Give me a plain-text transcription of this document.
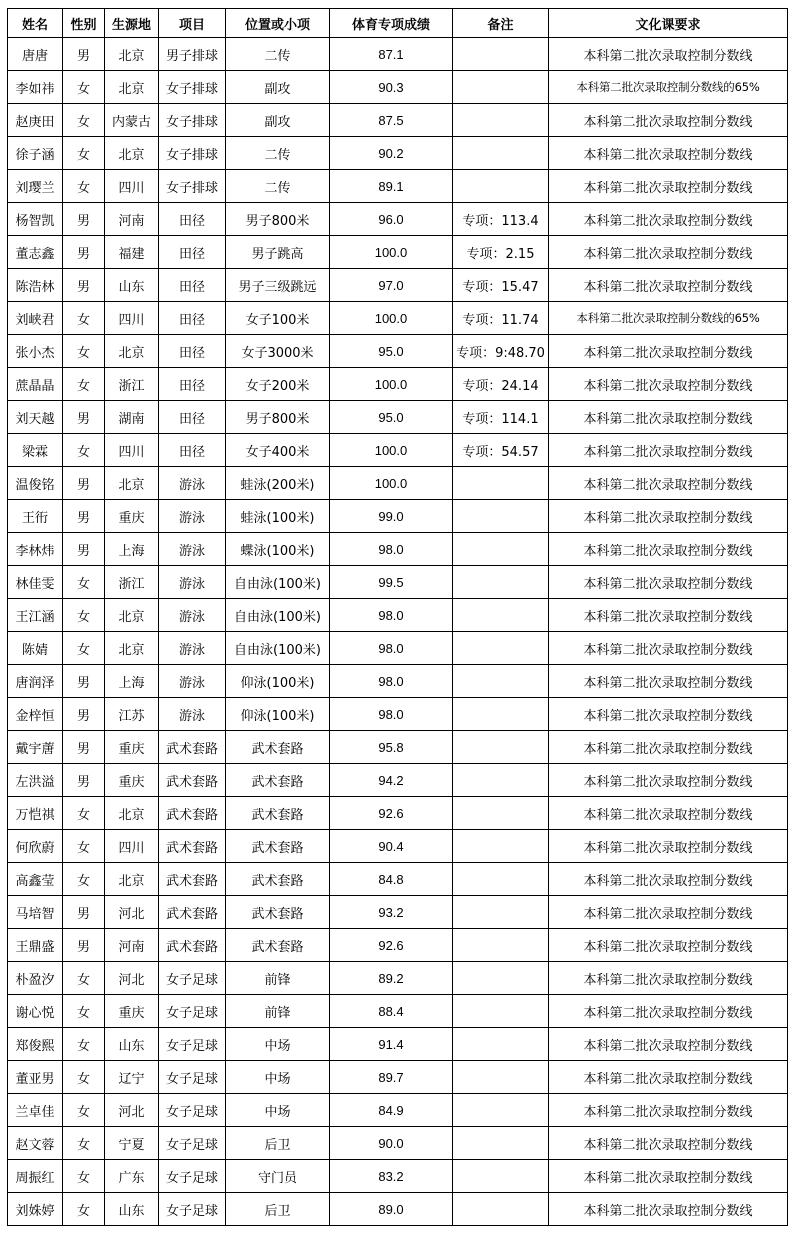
姓名	性别	生源地	项目	位置或小项	体育专项成绩	备注	文化课要求
唐唐	男	北京	男子排球	二传	87.1		本科第二批次录取控制分数线
李如祎	女	北京	女子排球	副攻	90.3		本科第二批次录取控制分数线的65%
赵庚田	女	内蒙古	女子排球	副攻	87.5		本科第二批次录取控制分数线
徐子涵	女	北京	女子排球	二传	90.2		本科第二批次录取控制分数线
刘璎兰	女	四川	女子排球	二传	89.1		本科第二批次录取控制分数线
杨智凯	男	河南	田径	男子800米	96.0	专项：113.4	本科第二批次录取控制分数线
董志鑫	男	福建	田径	男子跳高	100.0	专项：2.15	本科第二批次录取控制分数线
陈浩林	男	山东	田径	男子三级跳远	97.0	专项：15.47	本科第二批次录取控制分数线
刘峡君	女	四川	田径	女子100米	100.0	专项：11.74	本科第二批次录取控制分数线的65%
张小杰	女	北京	田径	女子3000米	95.0	专项：9:48.70	本科第二批次录取控制分数线
蔗晶晶	女	浙江	田径	女子200米	100.0	专项：24.14	本科第二批次录取控制分数线
刘天越	男	湖南	田径	男子800米	95.0	专项：114.1	本科第二批次录取控制分数线
梁霖	女	四川	田径	女子400米	100.0	专项：54.57	本科第二批次录取控制分数线
温俊铭	男	北京	游泳	蛙泳(200米)	100.0		本科第二批次录取控制分数线
王衎	男	重庆	游泳	蛙泳(100米)	99.0		本科第二批次录取控制分数线
李林炜	男	上海	游泳	蝶泳(100米)	98.0		本科第二批次录取控制分数线
林佳雯	女	浙江	游泳	自由泳(100米)	99.5		本科第二批次录取控制分数线
王江涵	女	北京	游泳	自由泳(100米)	98.0		本科第二批次录取控制分数线
陈婧	女	北京	游泳	自由泳(100米)	98.0		本科第二批次录取控制分数线
唐润泽	男	上海	游泳	仰泳(100米)	98.0		本科第二批次录取控制分数线
金梓恒	男	江苏	游泳	仰泳(100米)	98.0		本科第二批次录取控制分数线
戴宇蓎	男	重庆	武术套路	武术套路	95.8		本科第二批次录取控制分数线
左洪溢	男	重庆	武术套路	武术套路	94.2		本科第二批次录取控制分数线
万恺祺	女	北京	武术套路	武术套路	92.6		本科第二批次录取控制分数线
何欣蔚	女	四川	武术套路	武术套路	90.4		本科第二批次录取控制分数线
高鑫莹	女	北京	武术套路	武术套路	84.8		本科第二批次录取控制分数线
马培智	男	河北	武术套路	武术套路	93.2		本科第二批次录取控制分数线
王鼎盛	男	河南	武术套路	武术套路	92.6		本科第二批次录取控制分数线
朴盈汐	女	河北	女子足球	前锋	89.2		本科第二批次录取控制分数线
谢心悦	女	重庆	女子足球	前锋	88.4		本科第二批次录取控制分数线
郑俊熙	女	山东	女子足球	中场	91.4		本科第二批次录取控制分数线
董亚男	女	辽宁	女子足球	中场	89.7		本科第二批次录取控制分数线
兰卓佳	女	河北	女子足球	中场	84.9		本科第二批次录取控制分数线
赵文蓉	女	宁夏	女子足球	后卫	90.0		本科第二批次录取控制分数线
周振红	女	广东	女子足球	守门员	83.2		本科第二批次录取控制分数线
刘姝婷	女	山东	女子足球	后卫	89.0		本科第二批次录取控制分数线
